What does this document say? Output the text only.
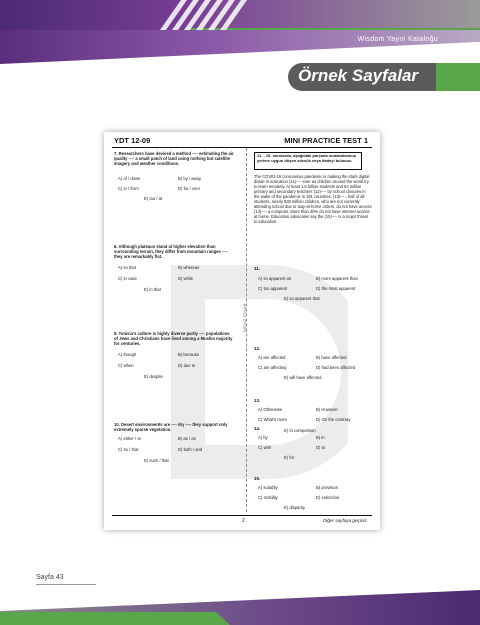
Wisdom Yayın Kataloğu
Örnek Sayfalar
YDT 12-09	MINI PRACTICE TEST 1
DENİZ PINAR
7. Researchers have devised a method ---- estimating the air quality ---- a small patch of land using nothing but satellite imagery and weather conditions.
A) of / down	B) by / away
C) in / from	D) for / over
E) out / at
8. Although plateaus stand at higher elevation than surrounding terrain, they differ from mountain ranges ---- they are remarkably flat.
A) so that	B) whereas
C) in case	D) while
E) in that
9. Tunisia's culture is highly diverse partly ---- populations of Jews and Christians have lived among a Muslim majority for centuries.
A) though	B) because
C) when	D) due to
E) despite
10. Desert environments are ---- dry ---- they support only extremely sparse vegetation.
A) either / or	B) as / as
C) so / that	D) both / and
E) such / that
11. - 15. sorularda, aşağıdaki parçada numaralanmış yerlere uygun düşen sözcük veya ifadeyi bulunuz.
The COVID-19 coronavirus pandemic is making the stark digital divide in education (11)---- ever as children around the world try to learn remotely. At least 1.5 billion students and 63 million primary and secondary teachers (12)---- by school closures in the wake of the pandemic in 191 countries. (13)----, half of all students, nearly 830 million children, who are not currently attending school due to stay-at-home orders, do not have access (14)---- a computer. More than 40% do not have Internet access at home. Education advocates say the (15)---- is a major threat to education.
11.
A) so apparent as	B) more apparent than
C) too apparent	D) the most apparent
E) so apparent that
12.
A) are affected	B) have affected
C) are affecting	D) had been affected
E) will have affected
13.
A) Otherwise	B) However
C) What's more	D) On the contrary
E) In comparison
14.
A) by	B) in
C) with	D) to
E) for
15.
A) suitably	B) provision
C) mobility	D) extinction
E) disparity
2	Diğer sayfaya geçiniz.
Sayfa 43
